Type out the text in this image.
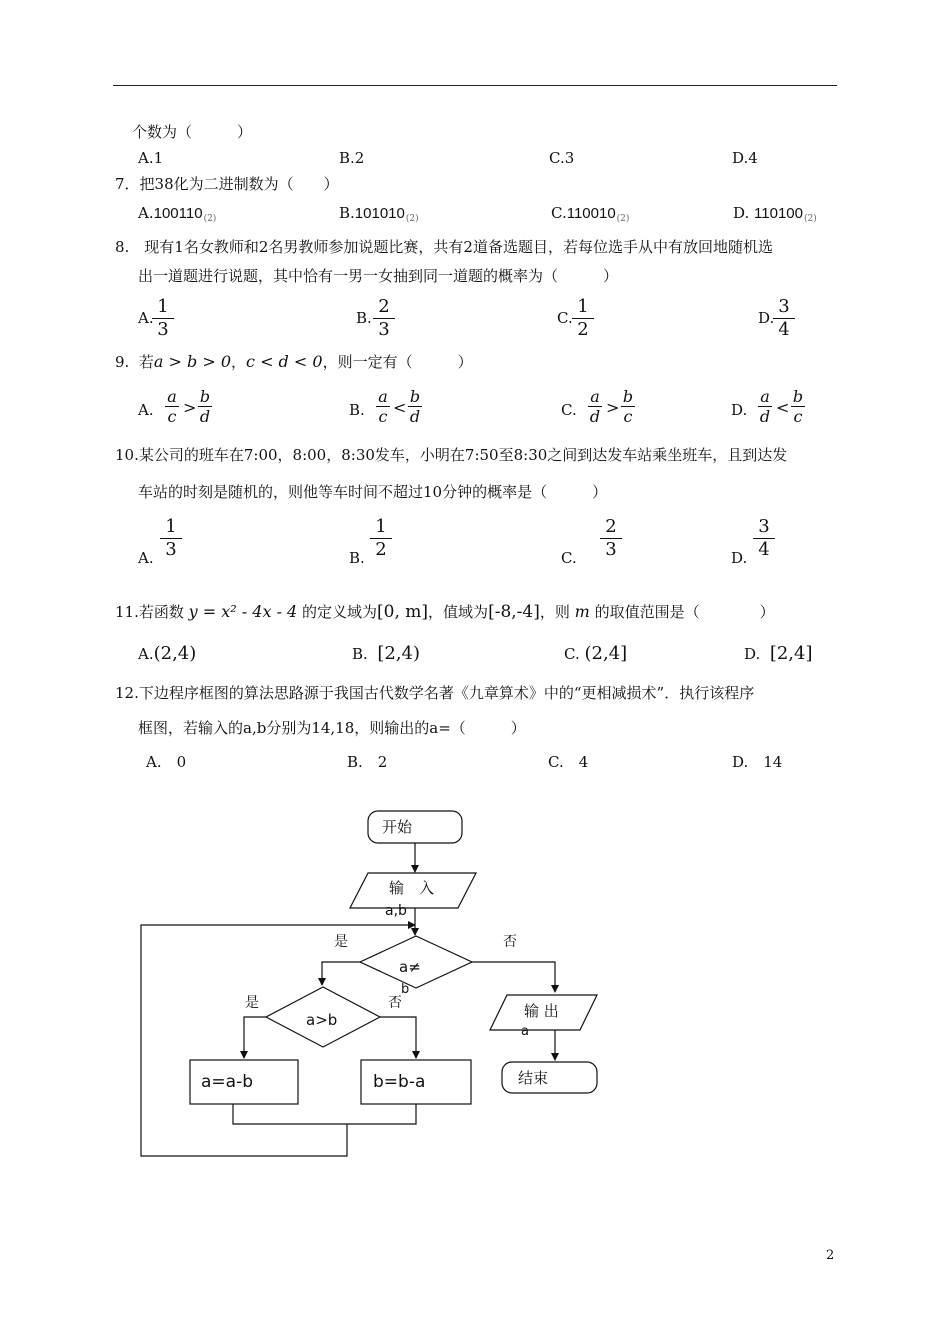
个数为（　　　）
A.1	B.2	C.3	D.4
7．把38化为二进制数为（　　）
$A.100110_{(2)}$	$B.101010_{(2)}$	$C.110010_{(2)}$	D. $110100_{(2)}$
8.　现有1名女教师和2名男教师参加说题比赛，共有2道备选题目，若每位选手从中有放回地随机选
出一道题进行说题，其中恰有一男一女抽到同一道题的概率为（　　　）
A.
$\frac{1}{3}$	B. $\frac{2}{3}$	C. $\frac{1}{2}$	D.
$\frac{3}{4}$
9. 若a > b > 0，c < d < 0，则一定有（　　　）
A.
a
c >
b
d	B.
a
c <
b
d	C.
a
d >
b
c	D.
a
d <
b
c
10.某公司的班车在7:00，8:00，8:30发车，小明在7:50至8:30之间到达发车站乘坐班车，且到达发
车站的时刻是随机的，则他等车时间不超过10分钟的概率是（　　　）
A. $\frac{1}{3}$	B. $\frac{1}{2}$	C. $\frac{2}{3}$	D. $\frac{3}{4}$
11.若函数 y = x² - 4x - 4 的定义域为[0, m]，值域为[-8,-4]，则 m 的取值范围是（　　　　）
A.(2,4)	B. [2,4)	C. (2,4]	D. [2,4]
12.下边程序框图的算法思路源于我国古代数学名著《九章算术》中的“更相减损术”．执行该程序
框图，若输入的a,b分别为14,18，则输出的a=（　　　）
A.　0	B.　2	C.　4	D.　14
开始
输　入
a,b
a≠
b
是	否
a>b
是	否
a=a-b	b=b-a
输 出
a
结束
2
